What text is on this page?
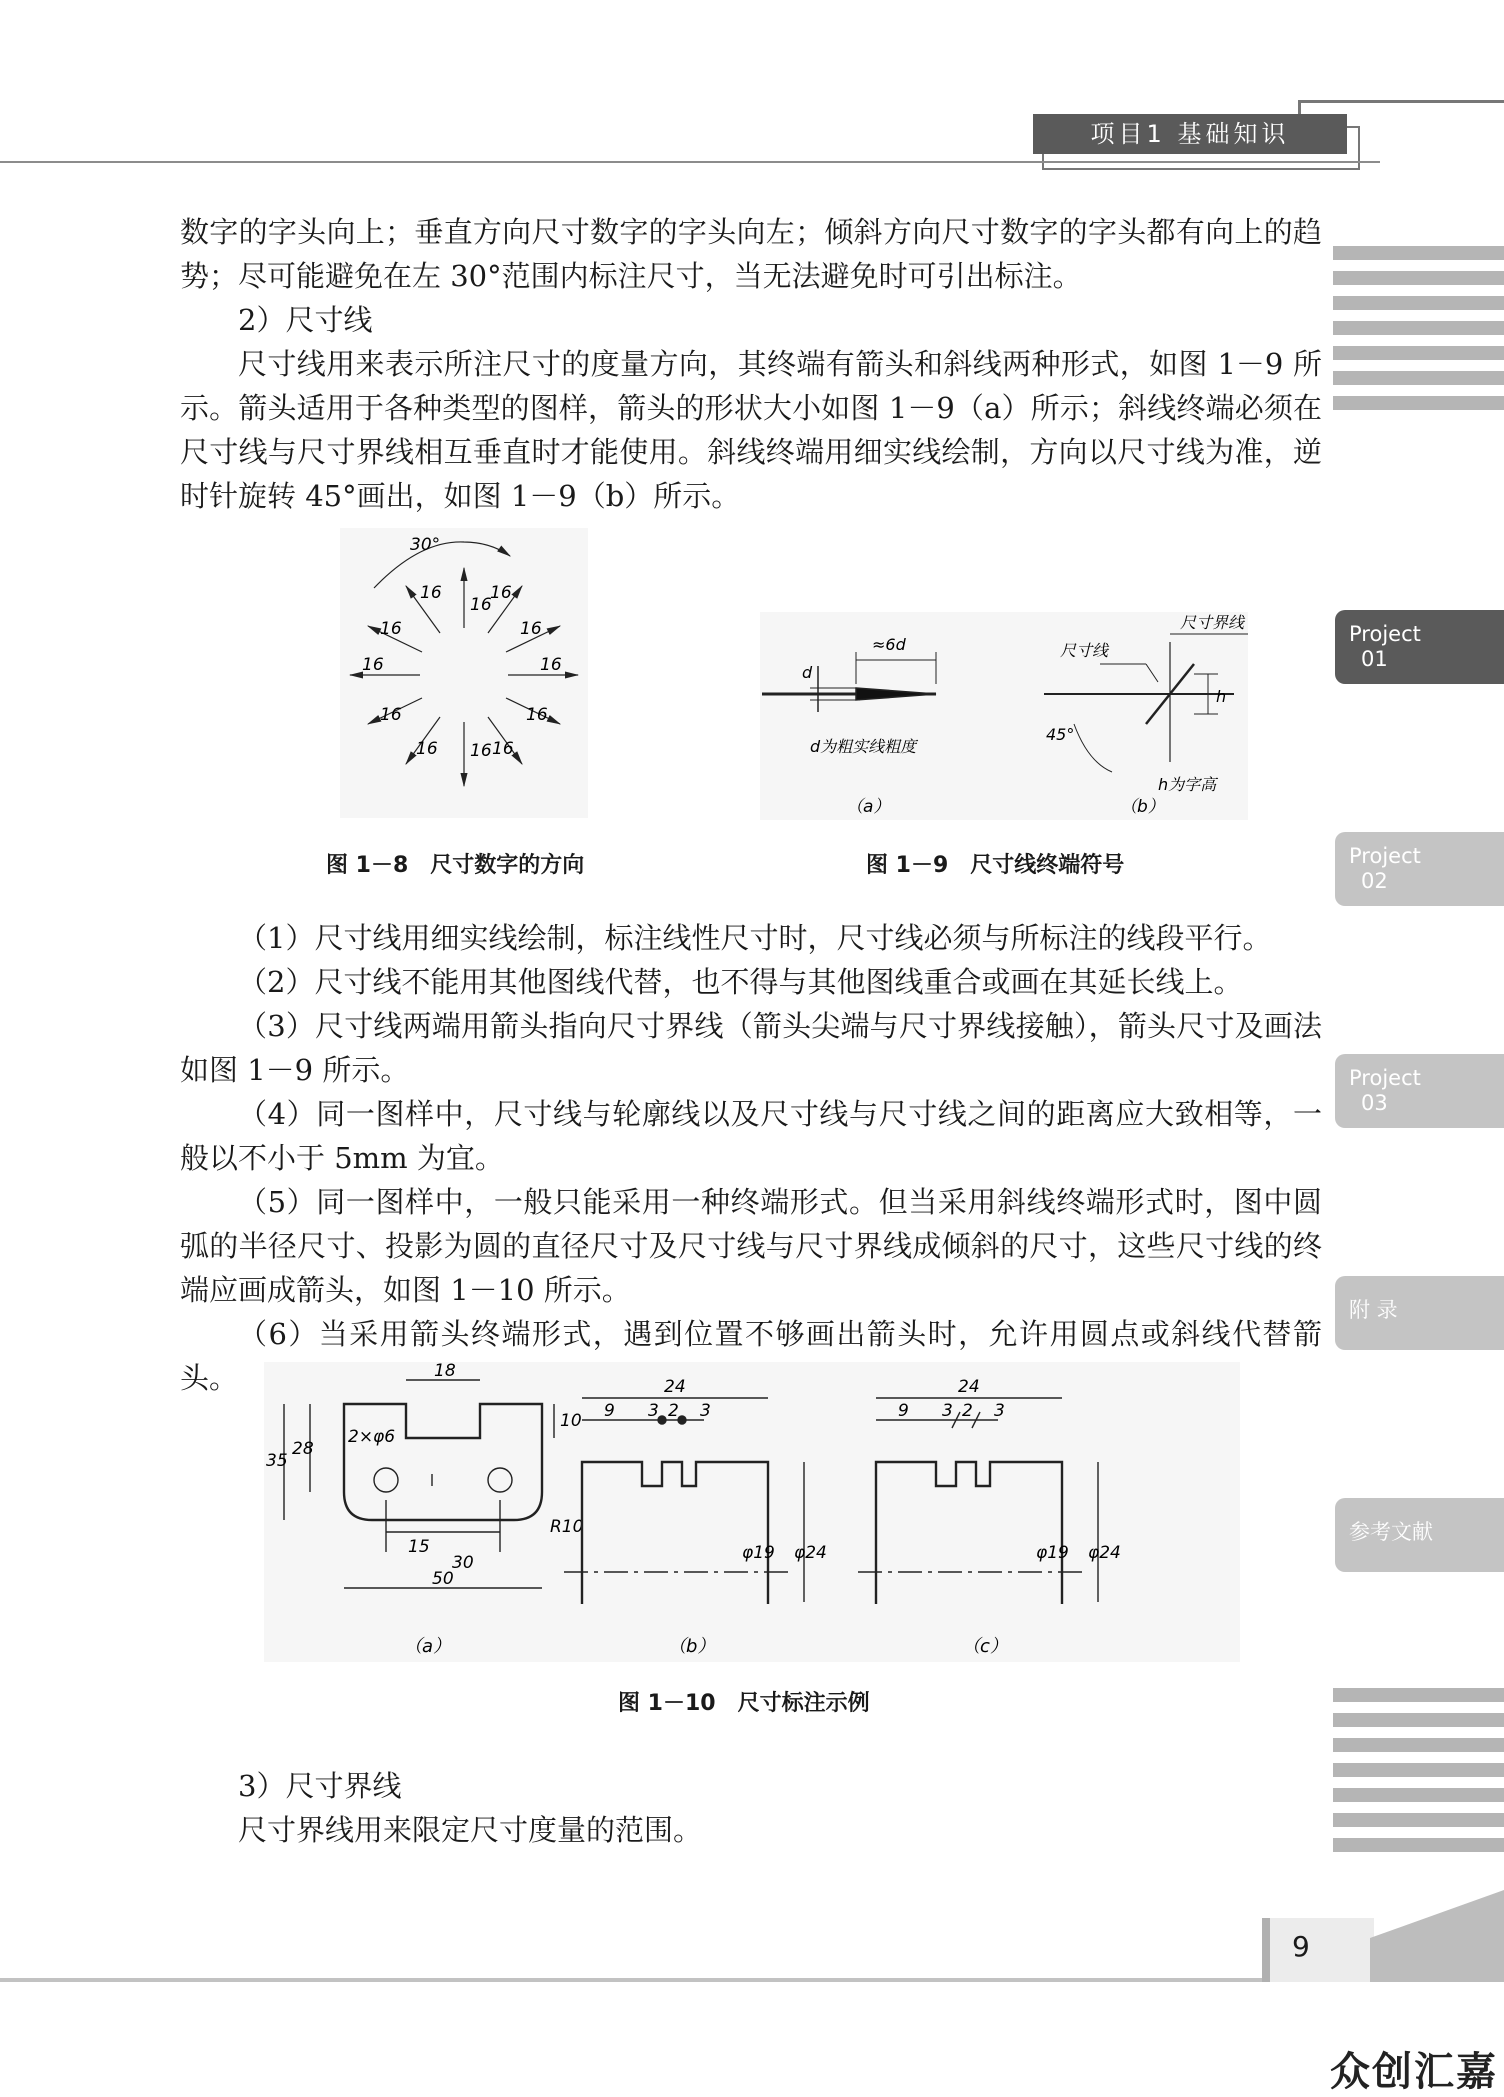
项目1 基础知识
Project
01
Project
02
Project
03
附 录
参考文献

数字的字头向上；垂直方向尺寸数字的字头向左；倾斜方向尺寸数字的字头都有向上的趋势；尽可能避免在左 30°范围内标注尺寸，当无法避免时可引出标注。

2）尺寸线

尺寸线用来表示所注尺寸的度量方向，其终端有箭头和斜线两种形式，如图 1－9 所示。箭头适用于各种类型的图样，箭头的形状大小如图 1－9（a）所示；斜线终端必须在尺寸线与尺寸界线相互垂直时才能使用。斜线终端用细实线绘制，方向以尺寸线为准，逆时针旋转 45°画出，如图 1－9（b）所示。

30°
16
16
16	16
16
16
16
16
16
16
16
16
图 1－8　尺寸数字的方向
d
≈6d
d为粗实线粗度
尺寸线
尺寸界线
45°
h
h为字高
（a）	（b）
图 1－9　尺寸线终端符号

（1）尺寸线用细实线绘制，标注线性尺寸时，尺寸线必须与所标注的线段平行。

（2）尺寸线不能用其他图线代替，也不得与其他图线重合或画在其延长线上。

（3）尺寸线两端用箭头指向尺寸界线（箭头尖端与尺寸界线接触），箭头尺寸及画法如图 1－9 所示。

（4）同一图样中，尺寸线与轮廓线以及尺寸线与尺寸线之间的距离应大致相等，一般以不小于 5mm 为宜。

（5）同一图样中，一般只能采用一种终端形式。但当采用斜线终端形式时，图中圆弧的半径尺寸、投影为圆的直径尺寸及尺寸线与尺寸界线成倾斜的尺寸，这些尺寸线的终端应画成箭头，如图 1－10 所示。

（6）当采用箭头终端形式，遇到位置不够画出箭头时，允许用圆点或斜线代替箭头。	18
10
35
28
2×φ6
R10
15
30
50
（a）
24
9 3 2 3
φ19 φ24
（b）
24
9 3 2 3
φ19 φ24
（c）
图 1－10　尺寸标注示例

3）尺寸界线

尺寸界线用来限定尺寸度量的范围。

9
众创汇嘉
